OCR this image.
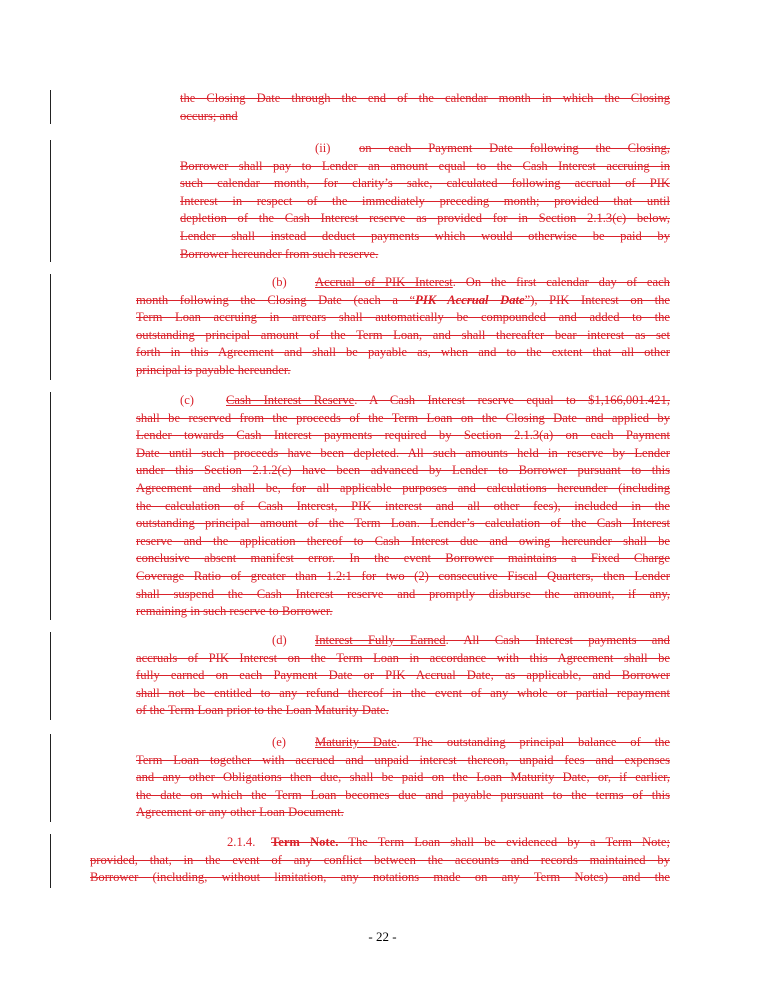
the Closing Date through the end of the calendar month in which the Closing
occurs; and
(ii) on each Payment Date following the Closing,
Borrower shall pay to Lender an amount equal to the Cash Interest accruing in
such calendar month, for clarity’s sake, calculated following accrual of PIK
Interest in respect of the immediately preceding month; provided that until
depletion of the Cash Interest reserve as provided for in Section 2.1.3(c) below,
Lender shall instead deduct payments which would otherwise be paid by
Borrower hereunder from such reserve.
(b) Accrual of PIK Interest. On the first calendar day of each
month following the Closing Date (each a “PIK Accrual Date”), PIK Interest on the
Term Loan accruing in arrears shall automatically be compounded and added to the
outstanding principal amount of the Term Loan, and shall thereafter bear interest as set
forth in this Agreement and shall be payable as, when and to the extent that all other
principal is payable hereunder.
(c)	Cash Interest Reserve. A Cash Interest reserve equal to $1,166,001.421,
shall be reserved from the proceeds of the Term Loan on the Closing Date and applied by
Lender towards Cash Interest payments required by Section 2.1.3(a) on each Payment
Date until such proceeds have been depleted. All such amounts held in reserve by Lender
under this Section 2.1.2(c) have been advanced by Lender to Borrower pursuant to this
Agreement and shall be, for all applicable purposes and calculations hereunder (including
the calculation of Cash Interest, PIK interest and all other fees), included in the
outstanding principal amount of the Term Loan. Lender’s calculation of the Cash Interest
reserve and the application thereof to Cash Interest due and owing hereunder shall be
conclusive absent manifest error. In the event Borrower maintains a Fixed Charge
Coverage Ratio of greater than 1.2:1 for two (2) consecutive Fiscal Quarters, then Lender
shall suspend the Cash Interest reserve and promptly disburse the amount, if any,
remaining in such reserve to Borrower.
(d) Interest Fully Earned. All Cash Interest payments and
accruals of PIK Interest on the Term Loan in accordance with this Agreement shall be
fully earned on each Payment Date or PIK Accrual Date, as applicable, and Borrower
shall not be entitled to any refund thereof in the event of any whole or partial repayment
of the Term Loan prior to the Loan Maturity Date.
(e) Maturity Date. The outstanding principal balance of the
Term Loan together with accrued and unpaid interest thereon, unpaid fees and expenses
and any other Obligations then due, shall be paid on the Loan Maturity Date, or, if earlier,
the date on which the Term Loan becomes due and payable pursuant to the terms of this
Agreement or any other Loan Document.
2.1.4. Term Note. The Term Loan shall be evidenced by a Term Note;
provided, that, in the event of any conflict between the accounts and records maintained by
Borrower (including, without limitation, any notations made on any Term Notes) and the
- 22 -
